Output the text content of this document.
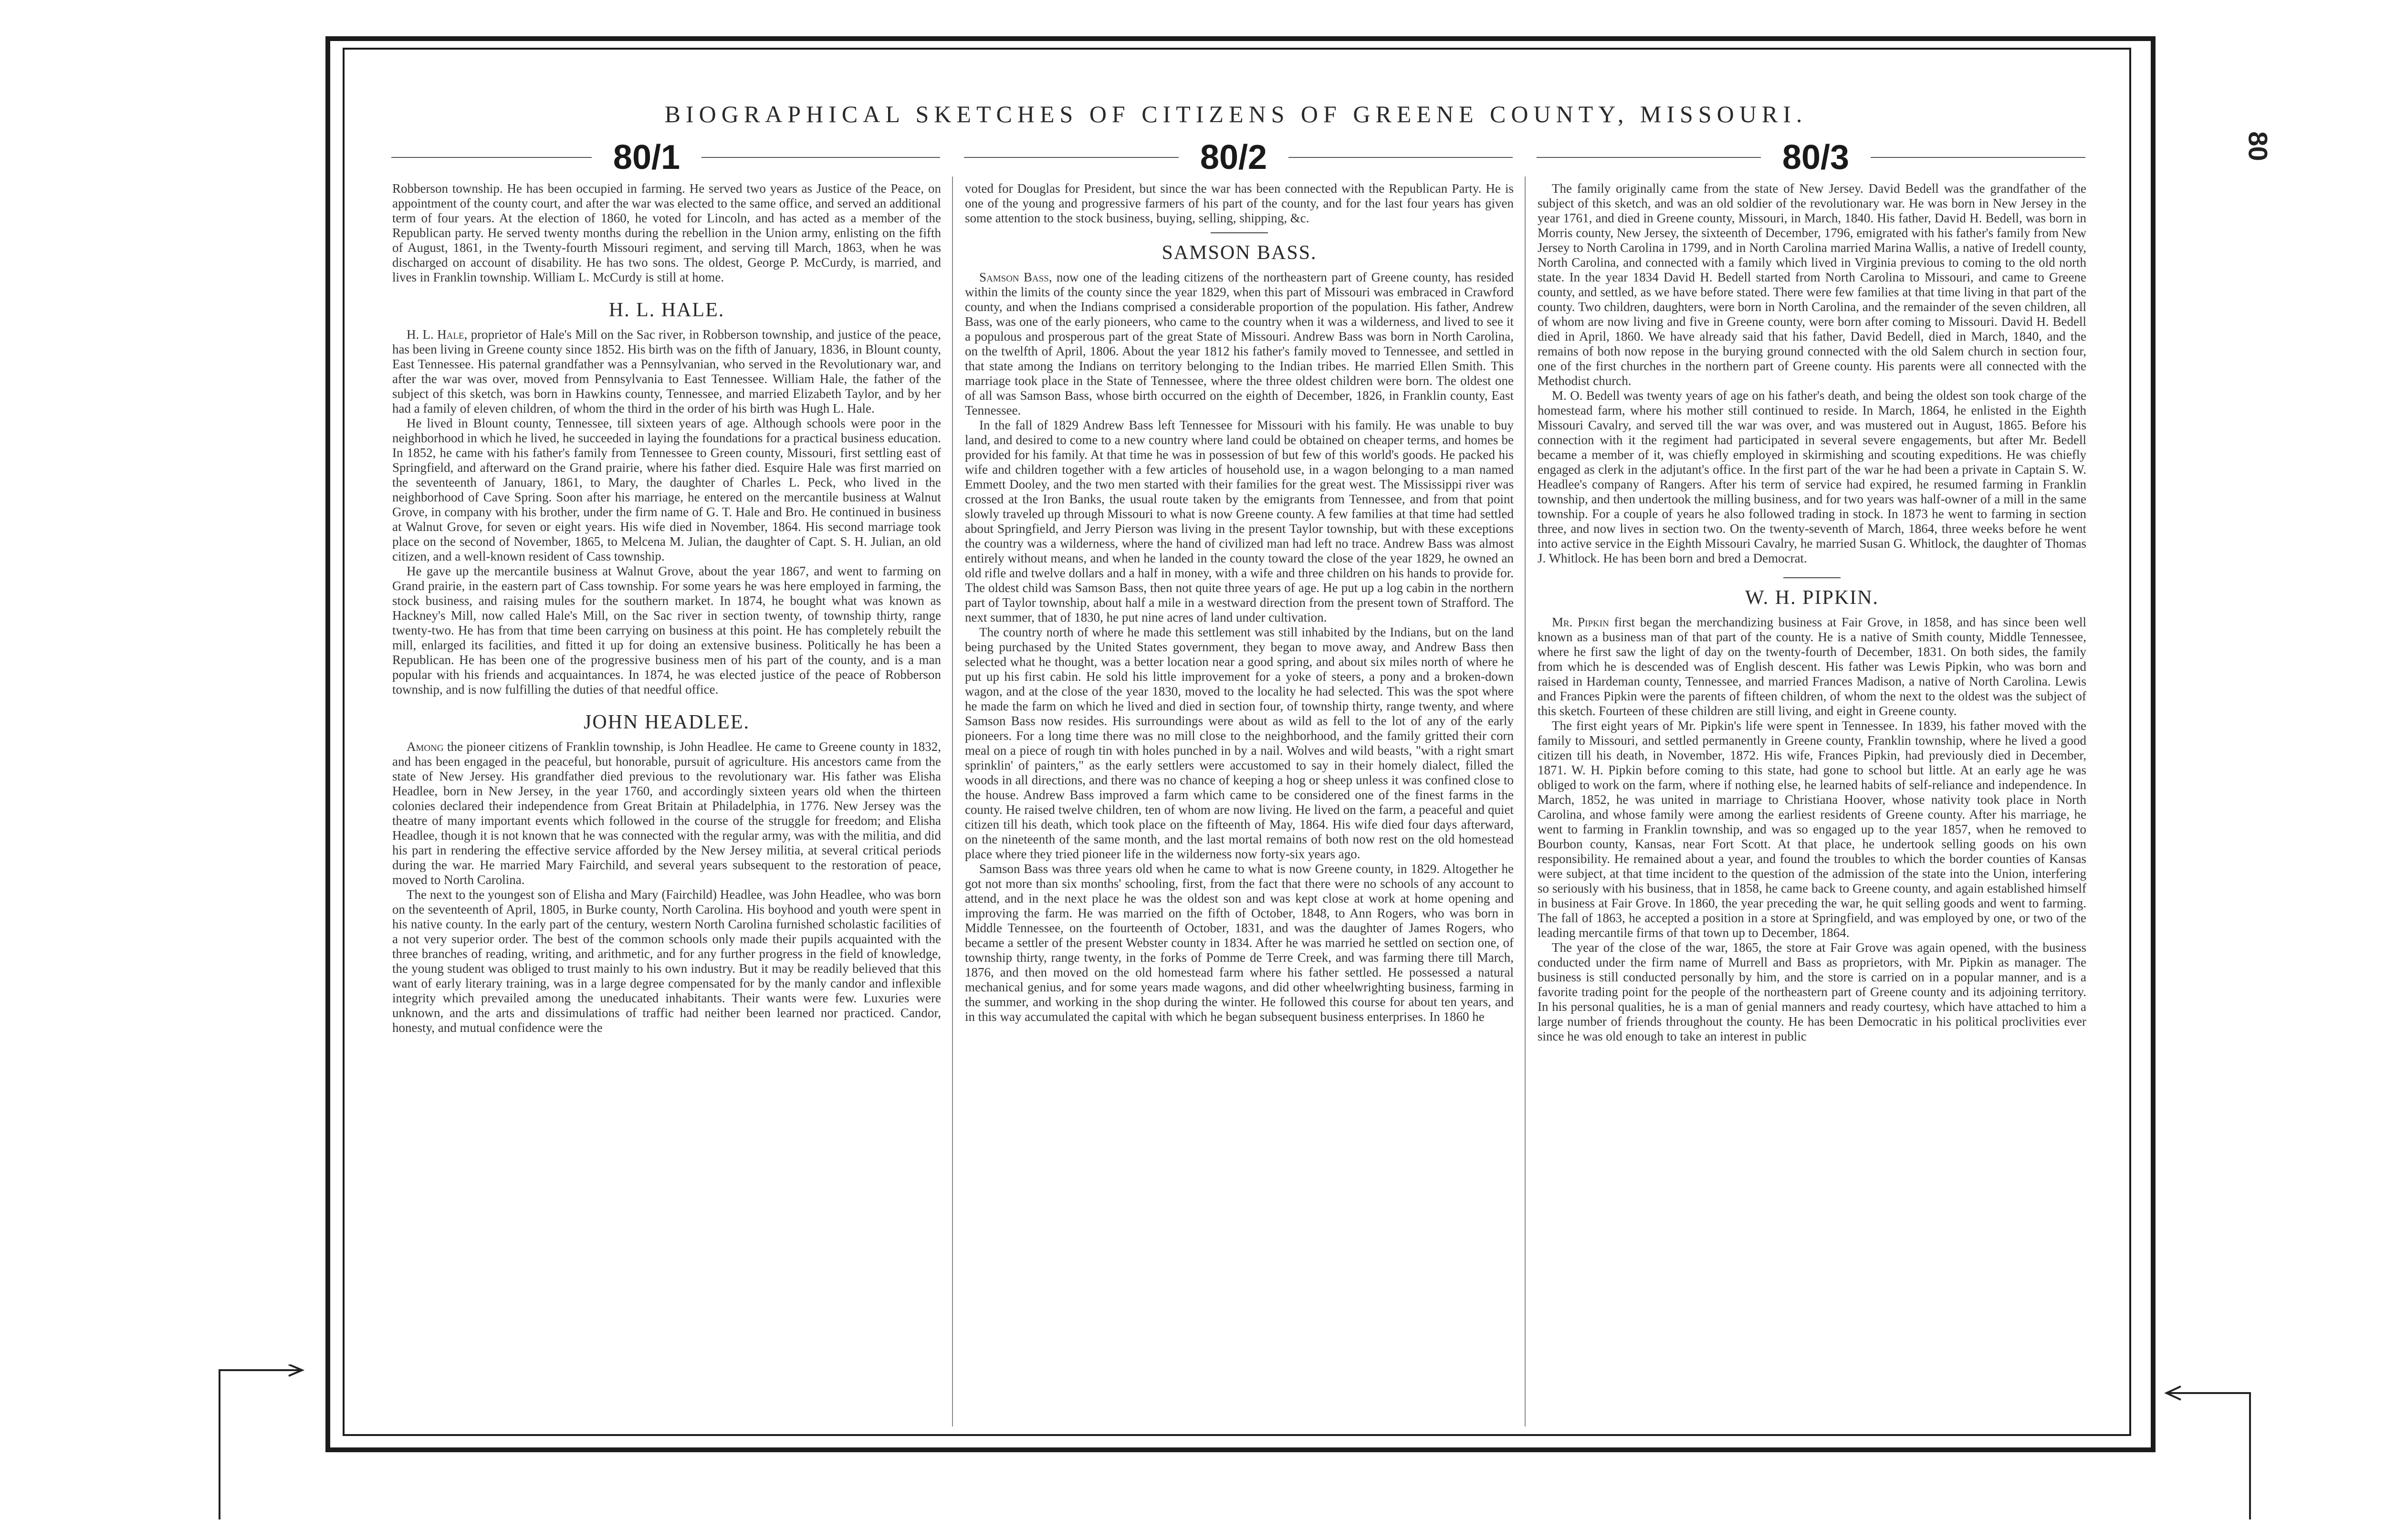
80
BIOGRAPHICAL SKETCHES OF CITIZENS OF GREENE COUNTY, MISSOURI.
80/1	80/2	80/3

Robberson township. He has been occupied in farming. He served two years as Justice of the Peace, on appointment of the county court, and after the war was elected to the same office, and served an additional term of four years. At the election of 1860, he voted for Lincoln, and has acted as a member of the Republican party. He served twenty months during the rebellion in the Union army, enlisting on the fifth of August, 1861, in the Twenty-fourth Missouri regiment, and serving till March, 1863, when he was discharged on account of disability. He has two sons. The oldest, George P. McCurdy, is married, and lives in Franklin township. William L. McCurdy is still at home.

H. L. HALE.

H. L. Hale, proprietor of Hale's Mill on the Sac river, in Robberson township, and justice of the peace, has been living in Greene county since 1852. His birth was on the fifth of January, 1836, in Blount county, East Tennessee. His paternal grandfather was a Pennsylvanian, who served in the Revolutionary war, and after the war was over, moved from Pennsylvania to East Tennessee. William Hale, the father of the subject of this sketch, was born in Hawkins county, Tennessee, and married Elizabeth Taylor, and by her had a family of eleven children, of whom the third in the order of his birth was Hugh L. Hale.

He lived in Blount county, Tennessee, till sixteen years of age. Although schools were poor in the neighborhood in which he lived, he succeeded in laying the foundations for a practical business education. In 1852, he came with his father's family from Tennessee to Green county, Missouri, first settling east of Springfield, and afterward on the Grand prairie, where his father died. Esquire Hale was first married on the seventeenth of January, 1861, to Mary, the daughter of Charles L. Peck, who lived in the neighborhood of Cave Spring. Soon after his marriage, he entered on the mercantile business at Walnut Grove, in company with his brother, under the firm name of G. T. Hale and Bro. He continued in business at Walnut Grove, for seven or eight years. His wife died in November, 1864. His second marriage took place on the second of November, 1865, to Melcena M. Julian, the daughter of Capt. S. H. Julian, an old citizen, and a well-known resident of Cass township.

He gave up the mercantile business at Walnut Grove, about the year 1867, and went to farming on Grand prairie, in the eastern part of Cass township. For some years he was here employed in farming, the stock business, and raising mules for the southern market. In 1874, he bought what was known as Hackney's Mill, now called Hale's Mill, on the Sac river in section twenty, of township thirty, range twenty-two. He has from that time been carrying on business at this point. He has completely rebuilt the mill, enlarged its facilities, and fitted it up for doing an extensive business. Politically he has been a Republican. He has been one of the progressive business men of his part of the county, and is a man popular with his friends and acquaintances. In 1874, he was elected justice of the peace of Robberson township, and is now fulfilling the duties of that needful office.

JOHN HEADLEE.

Among the pioneer citizens of Franklin township, is John Headlee. He came to Greene county in 1832, and has been engaged in the peaceful, but honorable, pursuit of agriculture. His ancestors came from the state of New Jersey. His grandfather died previous to the revolutionary war. His father was Elisha Headlee, born in New Jersey, in the year 1760, and accordingly sixteen years old when the thirteen colonies declared their independence from Great Britain at Philadelphia, in 1776. New Jersey was the theatre of many important events which followed in the course of the struggle for freedom; and Elisha Headlee, though it is not known that he was connected with the regular army, was with the militia, and did his part in rendering the effective service afforded by the New Jersey militia, at several critical periods during the war. He married Mary Fairchild, and several years subsequent to the restoration of peace, moved to North Carolina.

The next to the youngest son of Elisha and Mary (Fairchild) Headlee, was John Headlee, who was born on the seventeenth of April, 1805, in Burke county, North Carolina. His boyhood and youth were spent in his native county. In the early part of the century, western North Carolina furnished scholastic facilities of a not very superior order. The best of the common schools only made their pupils acquainted with the three branches of reading, writing, and arithmetic, and for any further progress in the field of knowledge, the young student was obliged to trust mainly to his own industry. But it may be readily believed that this want of early literary training, was in a large degree compensated for by the manly candor and inflexible integrity which prevailed among the uneducated inhabitants. Their wants were few. Luxuries were unknown, and the arts and dissimulations of traffic had neither been learned nor practiced. Candor, honesty, and mutual confidence were the

voted for Douglas for President, but since the war has been connected with the Republican Party. He is one of the young and progressive farmers of his part of the county, and for the last four years has given some attention to the stock business, buying, selling, shipping, &c.

SAMSON BASS.

Samson Bass, now one of the leading citizens of the northeastern part of Greene county, has resided within the limits of the county since the year 1829, when this part of Missouri was embraced in Crawford county, and when the Indians comprised a considerable proportion of the population. His father, Andrew Bass, was one of the early pioneers, who came to the country when it was a wilderness, and lived to see it a populous and prosperous part of the great State of Missouri. Andrew Bass was born in North Carolina, on the twelfth of April, 1806. About the year 1812 his father's family moved to Tennessee, and settled in that state among the Indians on territory belonging to the Indian tribes. He married Ellen Smith. This marriage took place in the State of Tennessee, where the three oldest children were born. The oldest one of all was Samson Bass, whose birth occurred on the eighth of December, 1826, in Franklin county, East Tennessee.

In the fall of 1829 Andrew Bass left Tennessee for Missouri with his family. He was unable to buy land, and desired to come to a new country where land could be obtained on cheaper terms, and homes be provided for his family. At that time he was in possession of but few of this world's goods. He packed his wife and children together with a few articles of household use, in a wagon belonging to a man named Emmett Dooley, and the two men started with their families for the great west. The Mississippi river was crossed at the Iron Banks, the usual route taken by the emigrants from Tennessee, and from that point slowly traveled up through Missouri to what is now Greene county. A few families at that time had settled about Springfield, and Jerry Pierson was living in the present Taylor township, but with these exceptions the country was a wilderness, where the hand of civilized man had left no trace. Andrew Bass was almost entirely without means, and when he landed in the county toward the close of the year 1829, he owned an old rifle and twelve dollars and a half in money, with a wife and three children on his hands to provide for. The oldest child was Samson Bass, then not quite three years of age. He put up a log cabin in the northern part of Taylor township, about half a mile in a westward direction from the present town of Strafford. The next summer, that of 1830, he put nine acres of land under cultivation.

The country north of where he made this settlement was still inhabited by the Indians, but on the land being purchased by the United States government, they began to move away, and Andrew Bass then selected what he thought, was a better location near a good spring, and about six miles north of where he put up his first cabin. He sold his little improvement for a yoke of steers, a pony and a broken-down wagon, and at the close of the year 1830, moved to the locality he had selected. This was the spot where he made the farm on which he lived and died in section four, of township thirty, range twenty, and where Samson Bass now resides. His surroundings were about as wild as fell to the lot of any of the early pioneers. For a long time there was no mill close to the neighborhood, and the family gritted their corn meal on a piece of rough tin with holes punched in by a nail. Wolves and wild beasts, "with a right smart sprinklin' of painters," as the early settlers were accustomed to say in their homely dialect, filled the woods in all directions, and there was no chance of keeping a hog or sheep unless it was confined close to the house. Andrew Bass improved a farm which came to be considered one of the finest farms in the county. He raised twelve children, ten of whom are now living. He lived on the farm, a peaceful and quiet citizen till his death, which took place on the fifteenth of May, 1864. His wife died four days afterward, on the nineteenth of the same month, and the last mortal remains of both now rest on the old homestead place where they tried pioneer life in the wilderness now forty-six years ago.

Samson Bass was three years old when he came to what is now Greene county, in 1829. Altogether he got not more than six months' schooling, first, from the fact that there were no schools of any account to attend, and in the next place he was the oldest son and was kept close at work at home opening and improving the farm. He was married on the fifth of October, 1848, to Ann Rogers, who was born in Middle Tennessee, on the fourteenth of October, 1831, and was the daughter of James Rogers, who became a settler of the present Webster county in 1834. After he was married he settled on section one, of township thirty, range twenty, in the forks of Pomme de Terre Creek, and was farming there till March, 1876, and then moved on the old homestead farm where his father settled. He possessed a natural mechanical genius, and for some years made wagons, and did other wheelwrighting business, farming in the summer, and working in the shop during the winter. He followed this course for about ten years, and in this way accumulated the capital with which he began subsequent business enterprises. In 1860 he

The family originally came from the state of New Jersey. David Bedell was the grandfather of the subject of this sketch, and was an old soldier of the revolutionary war. He was born in New Jersey in the year 1761, and died in Greene county, Missouri, in March, 1840. His father, David H. Bedell, was born in Morris county, New Jersey, the sixteenth of December, 1796, emigrated with his father's family from New Jersey to North Carolina in 1799, and in North Carolina married Marina Wallis, a native of Iredell county, North Carolina, and connected with a family which lived in Virginia previous to coming to the old north state. In the year 1834 David H. Bedell started from North Carolina to Missouri, and came to Greene county, and settled, as we have before stated. There were few families at that time living in that part of the county. Two children, daughters, were born in North Carolina, and the remainder of the seven children, all of whom are now living and five in Greene county, were born after coming to Missouri. David H. Bedell died in April, 1860. We have already said that his father, David Bedell, died in March, 1840, and the remains of both now repose in the burying ground connected with the old Salem church in section four, one of the first churches in the northern part of Greene county. His parents were all connected with the Methodist church.

M. O. Bedell was twenty years of age on his father's death, and being the oldest son took charge of the homestead farm, where his mother still continued to reside. In March, 1864, he enlisted in the Eighth Missouri Cavalry, and served till the war was over, and was mustered out in August, 1865. Before his connection with it the regiment had participated in several severe engagements, but after Mr. Bedell became a member of it, was chiefly employed in skirmishing and scouting expeditions. He was chiefly engaged as clerk in the adjutant's office. In the first part of the war he had been a private in Captain S. W. Headlee's company of Rangers. After his term of service had expired, he resumed farming in Franklin township, and then undertook the milling business, and for two years was half-owner of a mill in the same township. For a couple of years he also followed trading in stock. In 1873 he went to farming in section three, and now lives in section two. On the twenty-seventh of March, 1864, three weeks before he went into active service in the Eighth Missouri Cavalry, he married Susan G. Whitlock, the daughter of Thomas J. Whitlock. He has been born and bred a Democrat.

W. H. PIPKIN.

Mr. Pipkin first began the merchandizing business at Fair Grove, in 1858, and has since been well known as a business man of that part of the county. He is a native of Smith county, Middle Tennessee, where he first saw the light of day on the twenty-fourth of December, 1831. On both sides, the family from which he is descended was of English descent. His father was Lewis Pipkin, who was born and raised in Hardeman county, Tennessee, and married Frances Madison, a native of North Carolina. Lewis and Frances Pipkin were the parents of fifteen children, of whom the next to the oldest was the subject of this sketch. Fourteen of these children are still living, and eight in Greene county.

The first eight years of Mr. Pipkin's life were spent in Tennessee. In 1839, his father moved with the family to Missouri, and settled permanently in Greene county, Franklin township, where he lived a good citizen till his death, in November, 1872. His wife, Frances Pipkin, had previously died in December, 1871. W. H. Pipkin before coming to this state, had gone to school but little. At an early age he was obliged to work on the farm, where if nothing else, he learned habits of self-reliance and independence. In March, 1852, he was united in marriage to Christiana Hoover, whose nativity took place in North Carolina, and whose family were among the earliest residents of Greene county. After his marriage, he went to farming in Franklin township, and was so engaged up to the year 1857, when he removed to Bourbon county, Kansas, near Fort Scott. At that place, he undertook selling goods on his own responsibility. He remained about a year, and found the troubles to which the border counties of Kansas were subject, at that time incident to the question of the admission of the state into the Union, interfering so seriously with his business, that in 1858, he came back to Greene county, and again established himself in business at Fair Grove. In 1860, the year preceding the war, he quit selling goods and went to farming. The fall of 1863, he accepted a position in a store at Springfield, and was employed by one, or two of the leading mercantile firms of that town up to December, 1864.

The year of the close of the war, 1865, the store at Fair Grove was again opened, with the business conducted under the firm name of Murrell and Bass as proprietors, with Mr. Pipkin as manager. The business is still conducted personally by him, and the store is carried on in a popular manner, and is a favorite trading point for the people of the northeastern part of Greene county and its adjoining territory. In his personal qualities, he is a man of genial manners and ready courtesy, which have attached to him a large number of friends throughout the county. He has been Democratic in his political proclivities ever since he was old enough to take an interest in public
